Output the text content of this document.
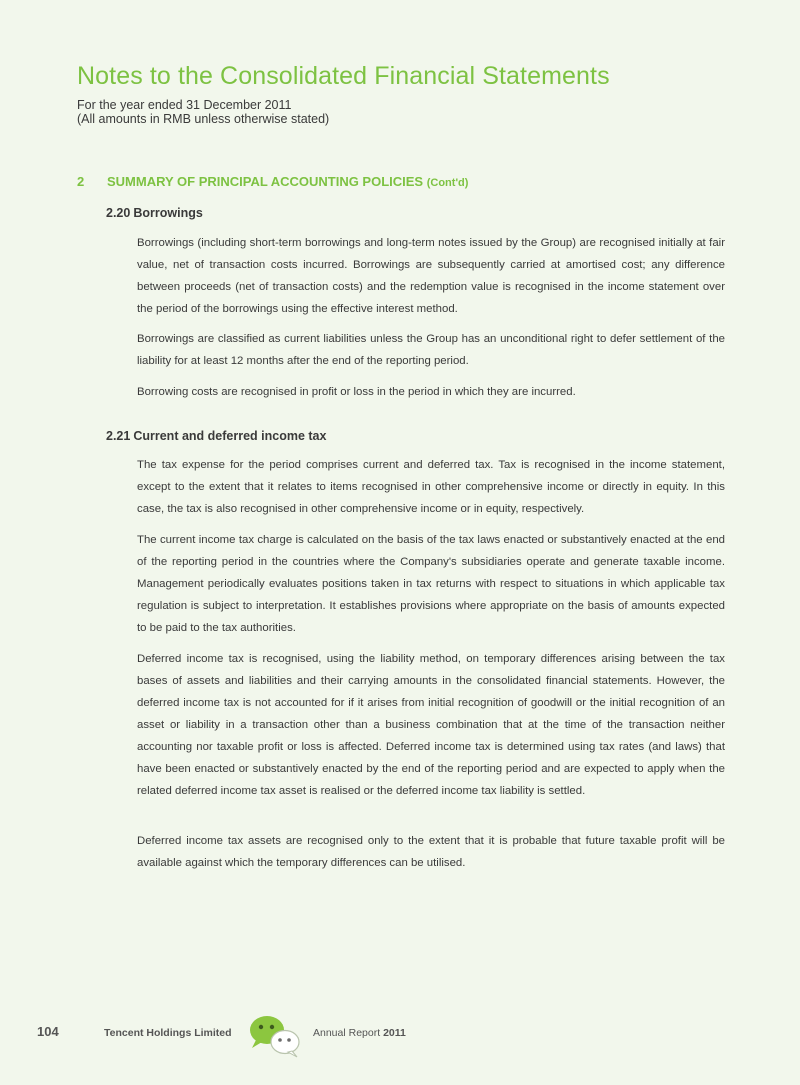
Notes to the Consolidated Financial Statements
For the year ended 31 December 2011
(All amounts in RMB unless otherwise stated)
2 SUMMARY OF PRINCIPAL ACCOUNTING POLICIES (Cont'd)
2.20 Borrowings

Borrowings (including short-term borrowings and long-term notes issued by the Group) are recognised initially at fair value, net of transaction costs incurred. Borrowings are subsequently carried at amortised cost; any difference between proceeds (net of transaction costs) and the redemption value is recognised in the income statement over the period of the borrowings using the effective interest method.

Borrowings are classified as current liabilities unless the Group has an unconditional right to defer settlement of the liability for at least 12 months after the end of the reporting period.

Borrowing costs are recognised in profit or loss in the period in which they are incurred.

2.21 Current and deferred income tax

The tax expense for the period comprises current and deferred tax. Tax is recognised in the income statement, except to the extent that it relates to items recognised in other comprehensive income or directly in equity. In this case, the tax is also recognised in other comprehensive income or in equity, respectively.

The current income tax charge is calculated on the basis of the tax laws enacted or substantively enacted at the end of the reporting period in the countries where the Company's subsidiaries operate and generate taxable income. Management periodically evaluates positions taken in tax returns with respect to situations in which applicable tax regulation is subject to interpretation. It establishes provisions where appropriate on the basis of amounts expected to be paid to the tax authorities.

Deferred income tax is recognised, using the liability method, on temporary differences arising between the tax bases of assets and liabilities and their carrying amounts in the consolidated financial statements. However, the deferred income tax is not accounted for if it arises from initial recognition of goodwill or the initial recognition of an asset or liability in a transaction other than a business combination that at the time of the transaction neither accounting nor taxable profit or loss is affected. Deferred income tax is determined using tax rates (and laws) that have been enacted or substantively enacted by the end of the reporting period and are expected to apply when the related deferred income tax asset is realised or the deferred income tax liability is settled.

Deferred income tax assets are recognised only to the extent that it is probable that future taxable profit will be available against which the temporary differences can be utilised.

104	Tencent Holdings Limited	Annual Report 2011
